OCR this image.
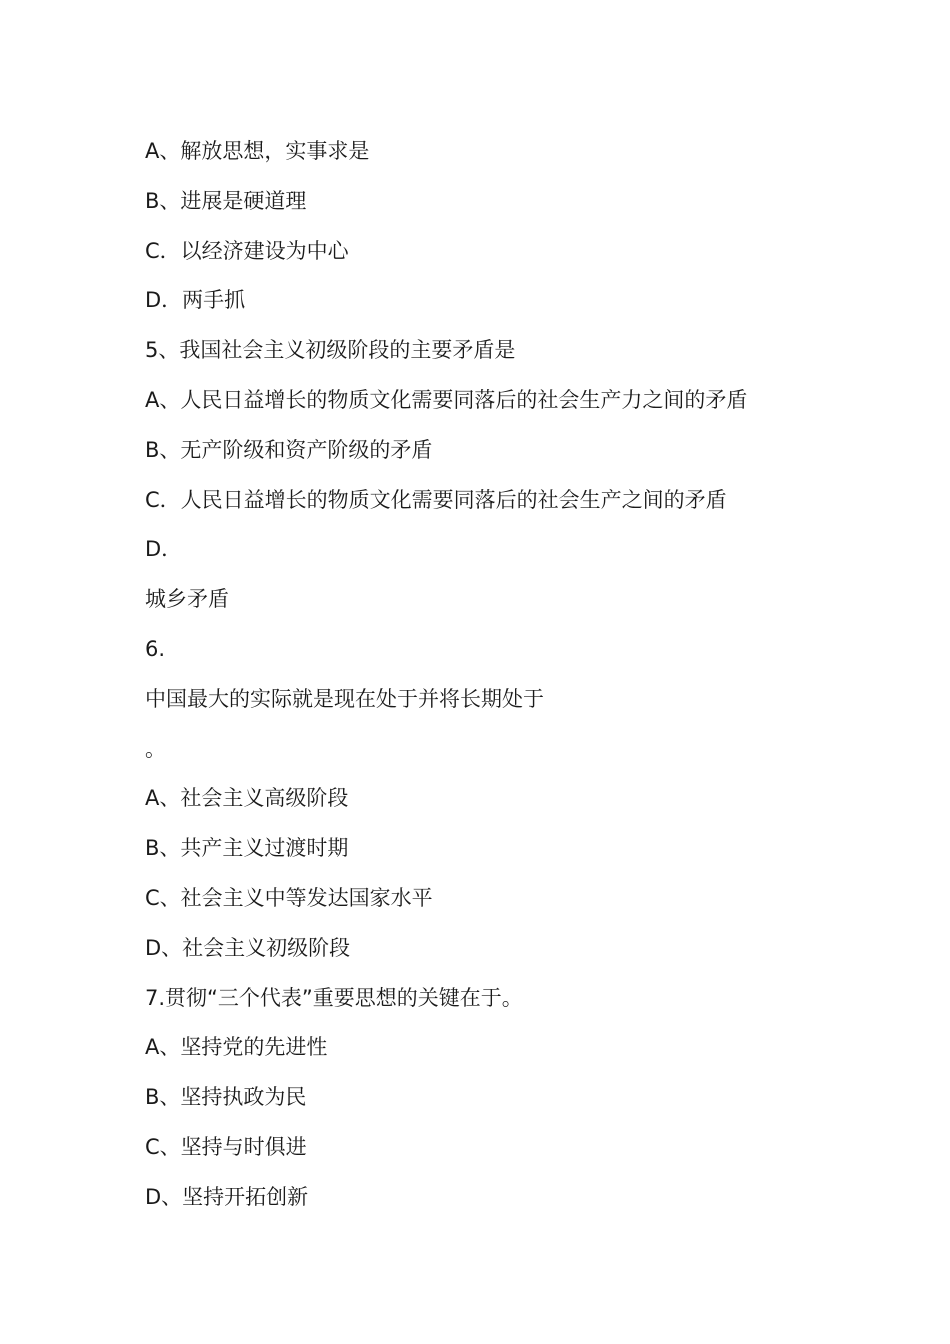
A、解放思想，实事求是
B、进展是硬道理
C．以经济建设为中心
D．两手抓
5、我国社会主义初级阶段的主要矛盾是
A、人民日益增长的物质文化需要同落后的社会生产力之间的矛盾
B、无产阶级和资产阶级的矛盾
C．人民日益增长的物质文化需要同落后的社会生产之间的矛盾
D．
城乡矛盾
6.
中国最大的实际就是现在处于并将长期处于
。
A、社会主义高级阶段
B、共产主义过渡时期
C、社会主义中等发达国家水平
D、社会主义初级阶段
7.贯彻“三个代表”重要思想的关键在于。
A、坚持党的先进性
B、坚持执政为民
C、坚持与时俱进
D、坚持开拓创新
